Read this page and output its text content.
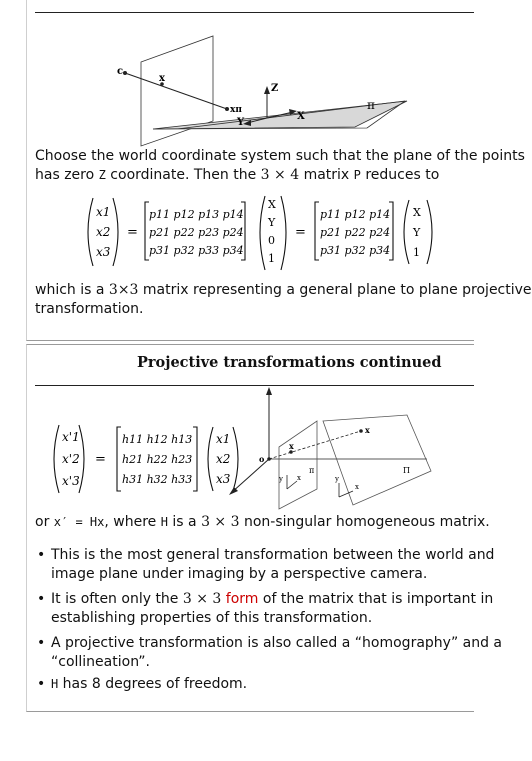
c
x
xπ
Z
Y
X
π
Choose the world coordinate system such that the plane of the points
has zero Z coordinate. Then the 3 × 4 matrix P reduces to
x1
x2
x3
=
p11 p12 p13 p14
p21 p22 p23 p24
p31 p32 p33 p34
X
Y
0
1
=
p11 p12 p14
p21 p22 p24
p31 p32 p34
X
Y
1
which is a 3×3 matrix representing a general plane to plane projective
transformation.
Projective transformations continued
x'1
x'2
x'3
=
h11 h12 h13
h21 h22 h23
h31 h32 h33
x1
x2
x3
o
x
x
y x
π
y
x
Π
or x′ = Hx, where H is a 3 × 3 non-singular homogeneous matrix.
• This is the most general transformation between the world and
image plane under imaging by a perspective camera.
• It is often only the 3 × 3 form of the matrix that is important in
establishing properties of this transformation.
• A projective transformation is also called a “homography” and a
“collineation”.
• H has 8 degrees of freedom.
